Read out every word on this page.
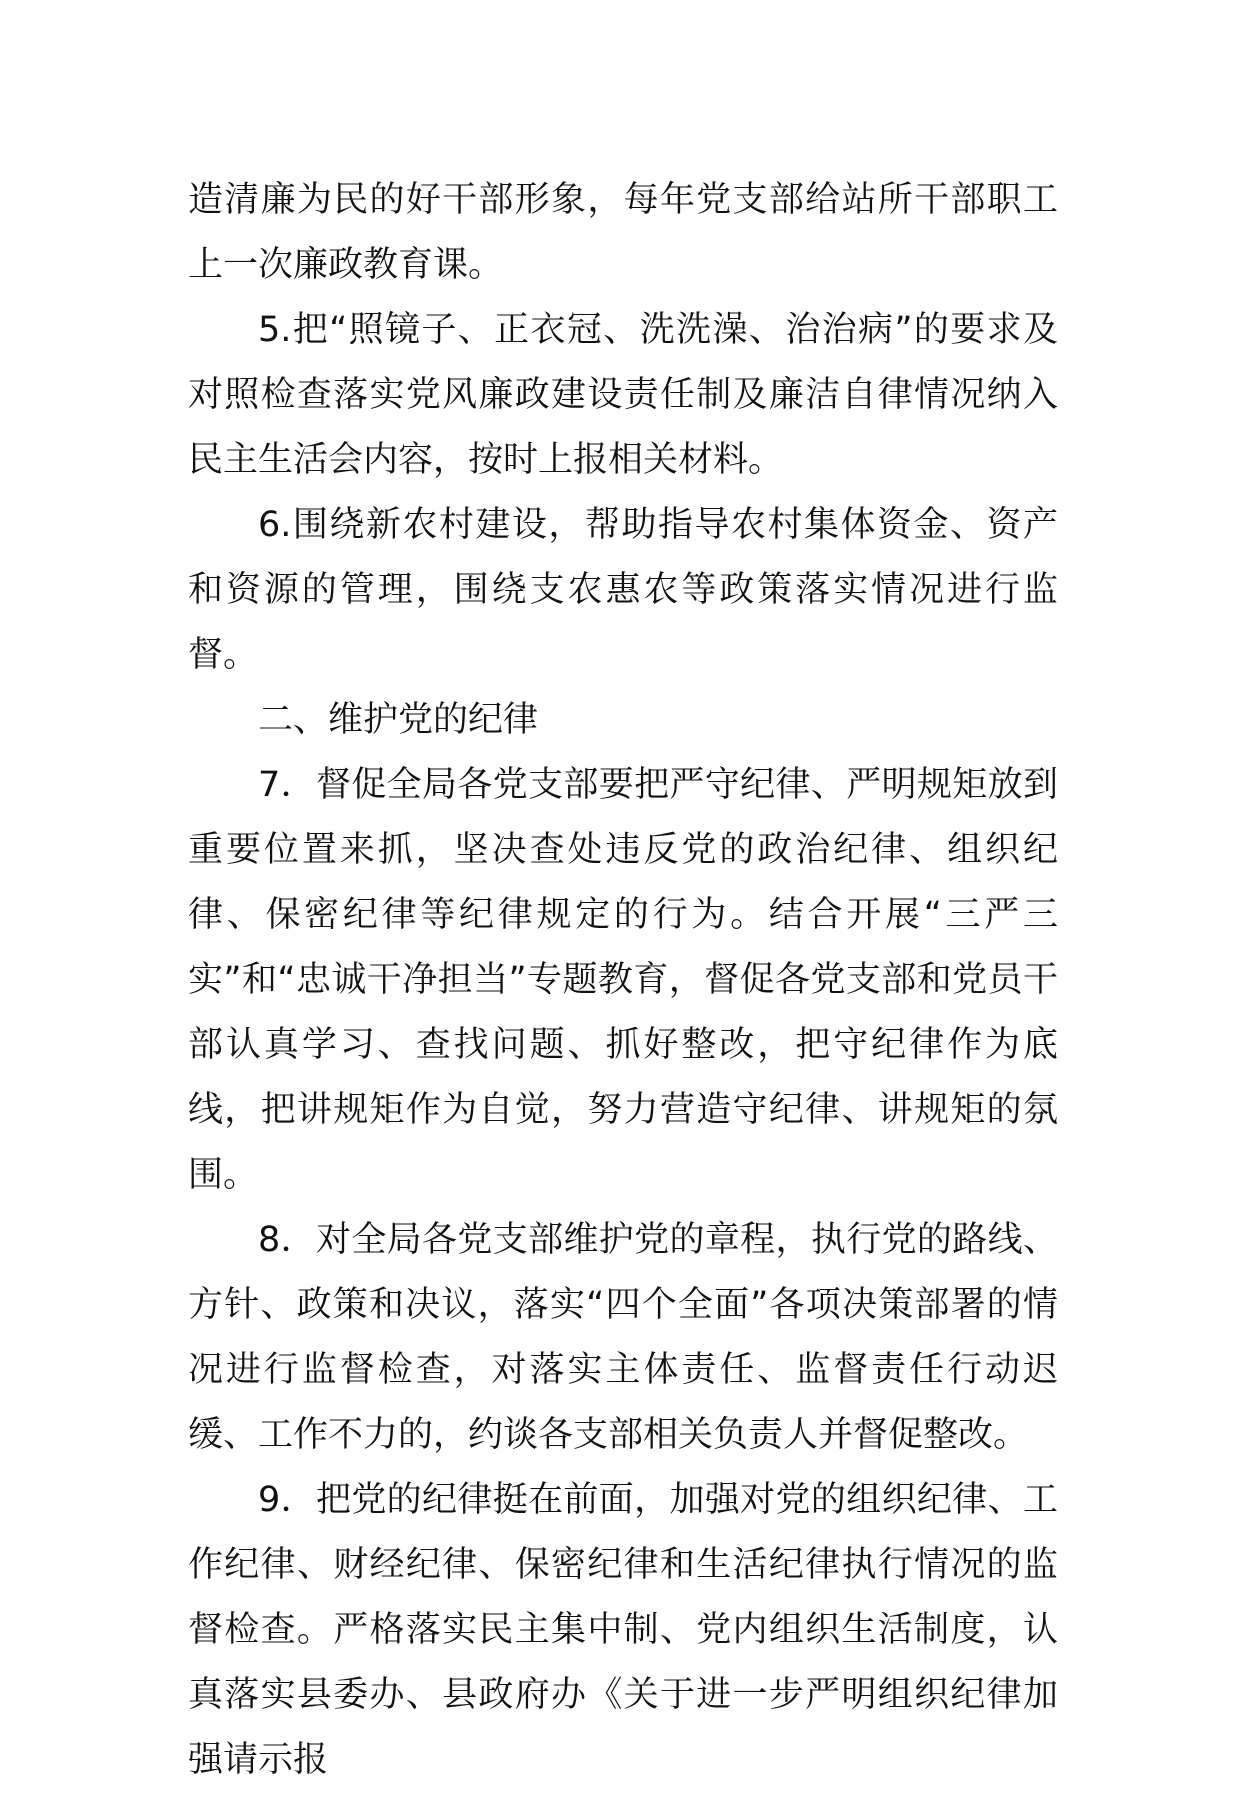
造清廉为民的好干部形象，每年党支部给站所干部职工上一次廉政教育课。

5.把“照镜子、正衣冠、洗洗澡、治治病”的要求及对照检查落实党风廉政建设责任制及廉洁自律情况纳入民主生活会内容，按时上报相关材料。

6.围绕新农村建设，帮助指导农村集体资金、资产和资源的管理，围绕支农惠农等政策落实情况进行监督。

二、维护党的纪律

7．督促全局各党支部要把严守纪律、严明规矩放到重要位置来抓，坚决查处违反党的政治纪律、组织纪律、保密纪律等纪律规定的行为。结合开展“三严三实”和“忠诚干净担当”专题教育，督促各党支部和党员干部认真学习、查找问题、抓好整改，把守纪律作为底线，把讲规矩作为自觉，努力营造守纪律、讲规矩的氛围。

8．对全局各党支部维护党的章程，执行党的路线、方针、政策和决议，落实“四个全面”各项决策部署的情况进行监督检查，对落实主体责任、监督责任行动迟缓、工作不力的，约谈各支部相关负责人并督促整改。

9．把党的纪律挺在前面，加强对党的组织纪律、工作纪律、财经纪律、保密纪律和生活纪律执行情况的监督检查。严格落实民主集中制、党内组织生活制度，认真落实县委办、县政府办《关于进一步严明组织纪律加强请示报
